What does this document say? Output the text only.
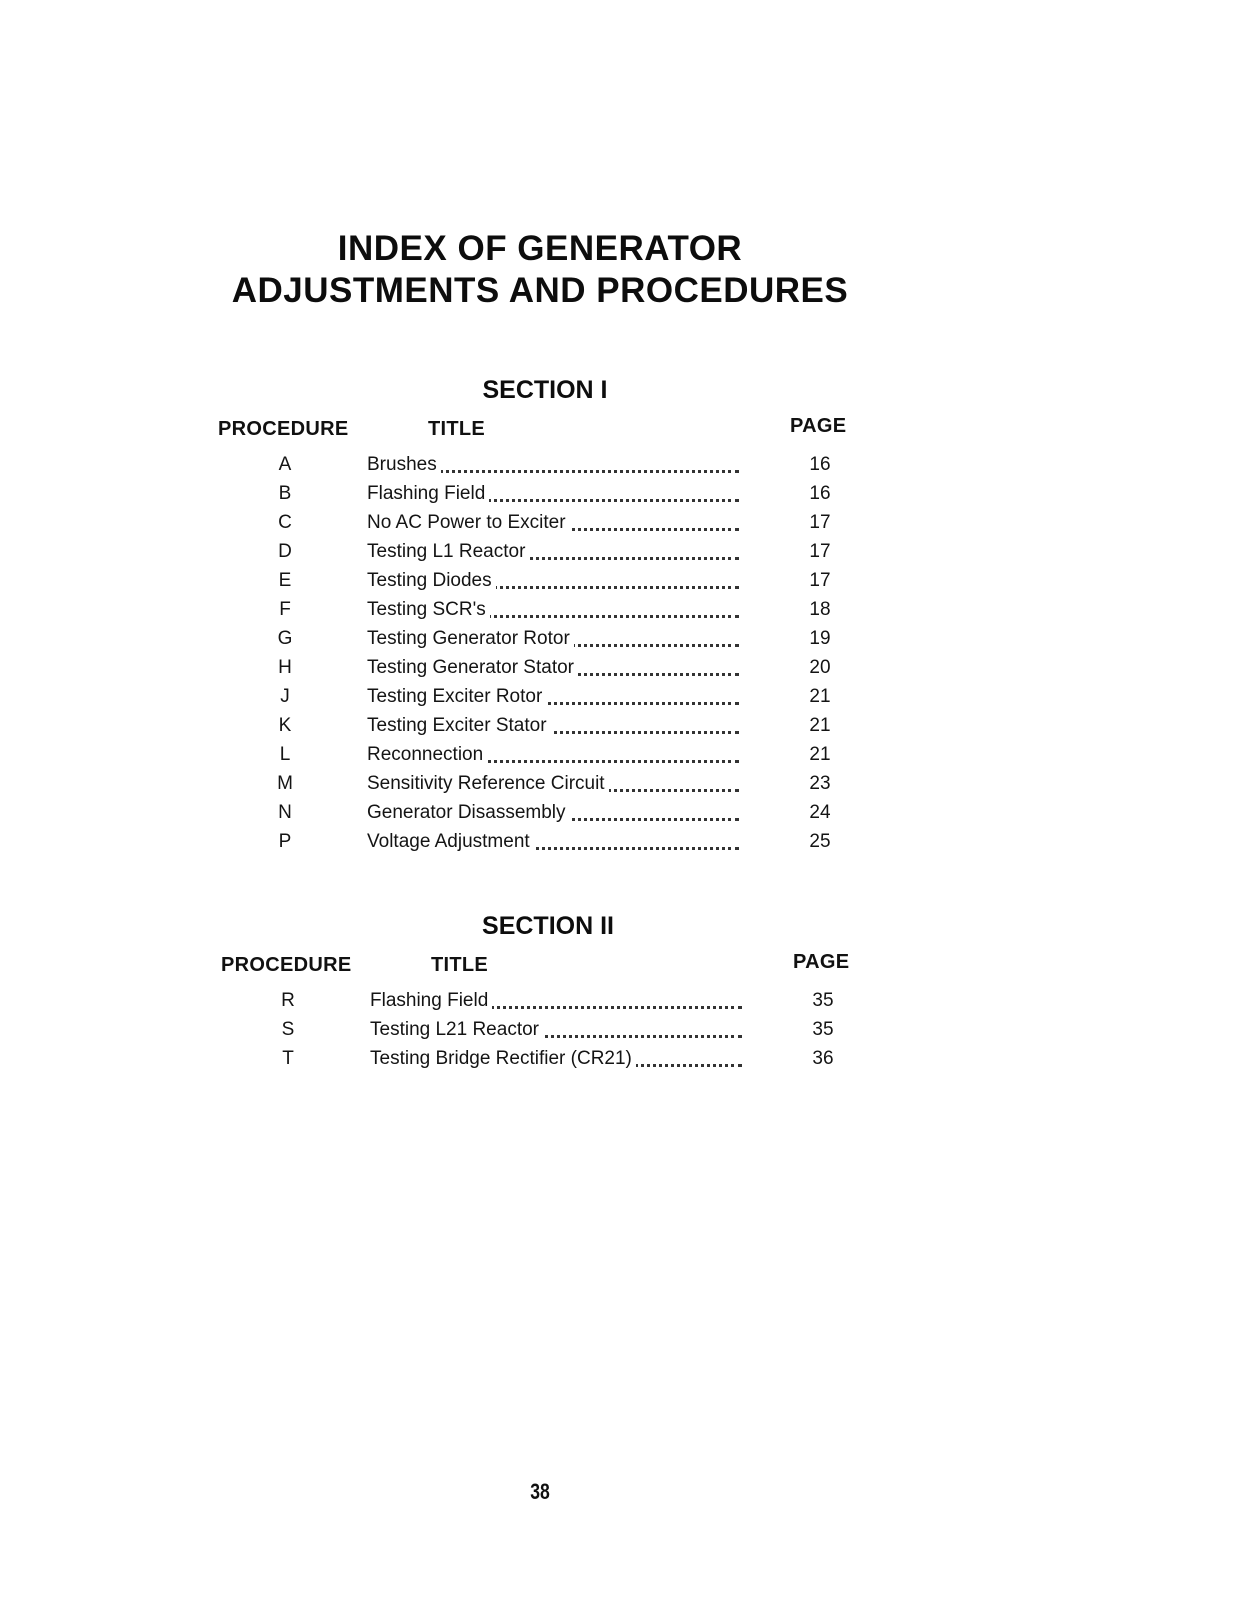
INDEX OF GENERATOR
ADJUSTMENTS AND PROCEDURES
SECTION I
PROCEDURE	TITLE	PAGE
A	Brushes	16
B	Flashing Field	16
C	No AC Power to Exciter	17
D	Testing L1 Reactor	17
E	Testing Diodes	17
F	Testing SCR's	18
G	Testing Generator Rotor	19
H	Testing Generator Stator	20
J	Testing Exciter Rotor	21
K	Testing Exciter Stator	21
L	Reconnection	21
M	Sensitivity Reference Circuit	23
N	Generator Disassembly	24
P	Voltage Adjustment	25
SECTION II
PROCEDURE	TITLE	PAGE
R	Flashing Field	35
S	Testing L21 Reactor	35
T	Testing Bridge Rectifier (CR21)	36
38
